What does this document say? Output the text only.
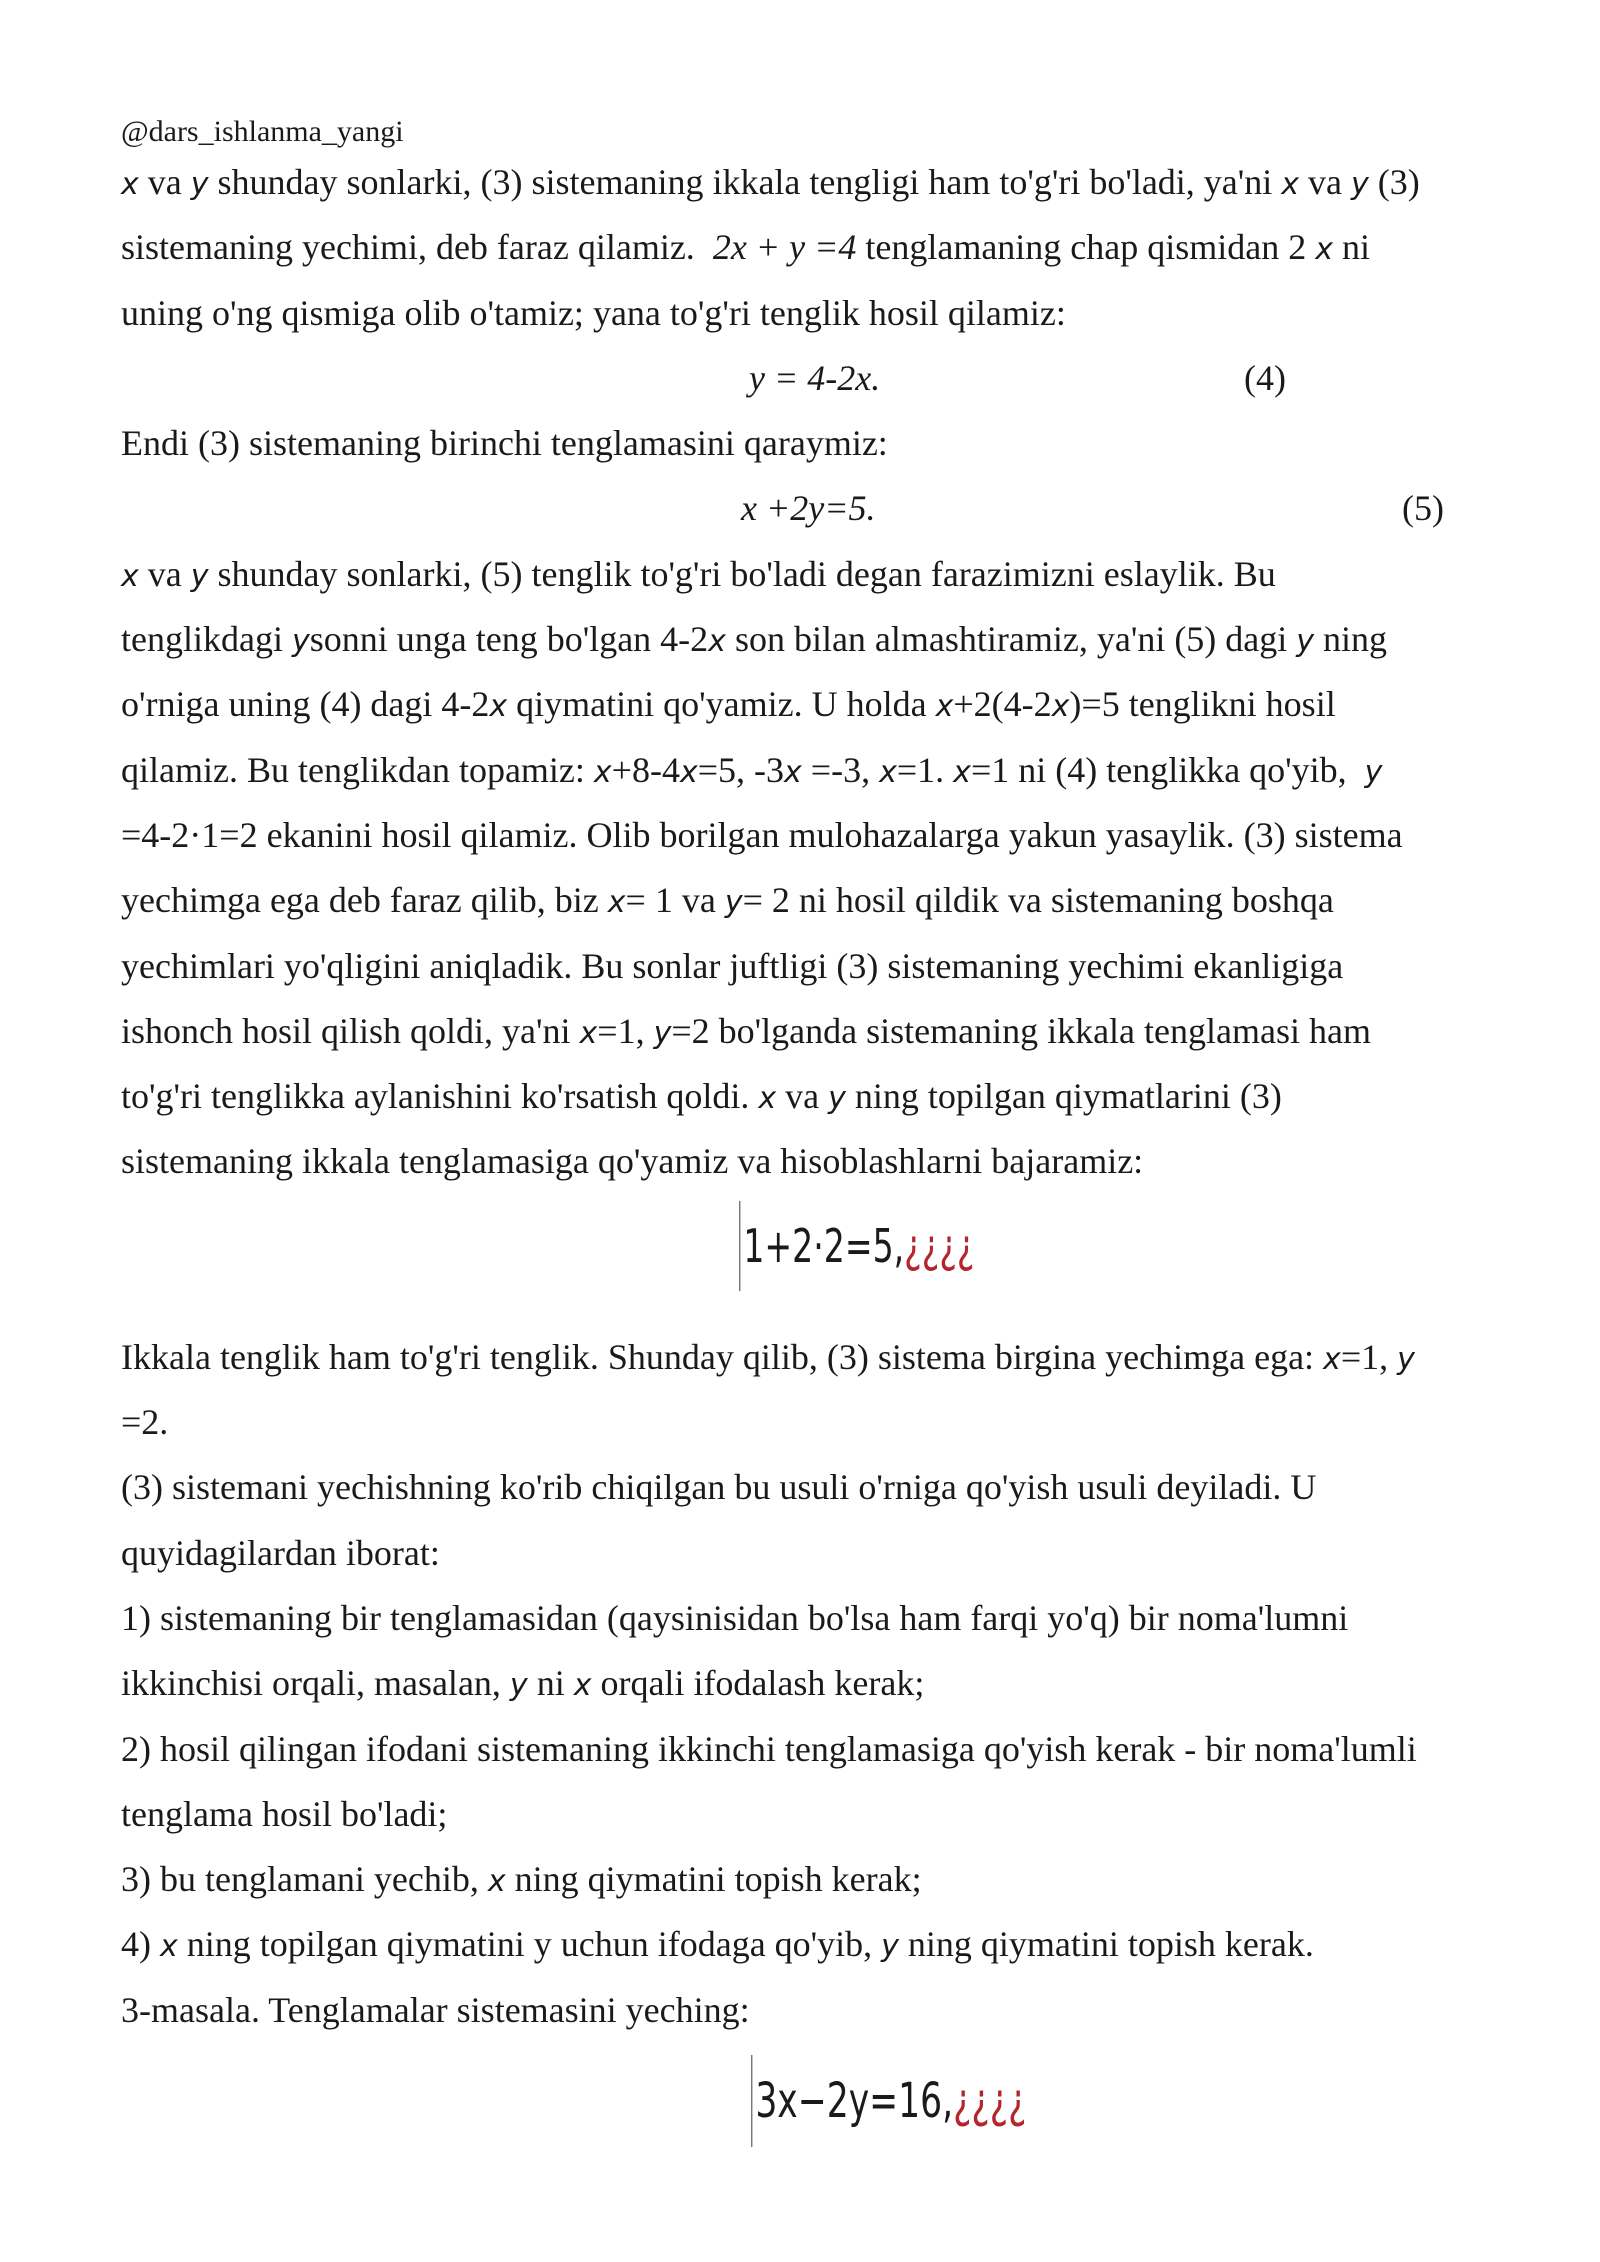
@dars_ishlanma_yangi
x va y shunday sonlarki, (3) sistemaning ikkala tengligi ham to'g'ri bo'ladi, ya'ni x va y (3)
sistemaning yechimi, deb faraz qilamiz.  2x + y =4 tenglamaning chap qismidan 2 x ni
uning o'ng qismiga olib o'tamiz; yana to'g'ri tenglik hosil qilamiz:
y = 4-2x.	(4)
Endi (3) sistemaning birinchi tenglamasini qaraymiz:
x +2y=5.	(5)
x va y shunday sonlarki, (5) tenglik to'g'ri bo'ladi degan farazimizni eslaylik. Bu
tenglikdagi ysonni unga teng bo'lgan 4-2x son bilan almashtiramiz, ya'ni (5) dagi y ning
o'rniga uning (4) dagi 4-2x qiymatini qo'yamiz. U holda x+2(4-2x)=5 tenglikni hosil
qilamiz. Bu tenglikdan topamiz: x+8-4x=5, -3x =-3, x=1. x=1 ni (4) tenglikka qo'yib,  y
=4-2·1=2 ekanini hosil qilamiz. Olib borilgan mulohazalarga yakun yasaylik. (3) sistema
yechimga ega deb faraz qilib, biz x= 1 va y= 2 ni hosil qildik va sistemaning boshqa
yechimlari yo'qligini aniqladik. Bu sonlar juftligi (3) sistemaning yechimi ekanligiga
ishonch hosil qilish qoldi, ya'ni x=1, y=2 bo'lganda sistemaning ikkala tenglamasi ham
to'g'ri tenglikka aylanishini ko'rsatish qoldi. x va y ning topilgan qiymatlarini (3)
sistemaning ikkala tenglamasiga qo'yamiz va hisoblashlarni bajaramiz:
1+2·2=5,¿¿¿¿
Ikkala tenglik ham to'g'ri tenglik. Shunday qilib, (3) sistema birgina yechimga ega: x=1, y
=2.
(3) sistemani yechishning ko'rib chiqilgan bu usuli o'rniga qo'yish usuli deyiladi. U
quyidagilardan iborat:
1) sistemaning bir tenglamasidan (qaysinisidan bo'lsa ham farqi yo'q) bir noma'lumni
ikkinchisi orqali, masalan, y ni x orqali ifodalash kerak;
2) hosil qilingan ifodani sistemaning ikkinchi tenglamasiga qo'yish kerak - bir noma'lumli
tenglama hosil bo'ladi;
3) bu tenglamani yechib, x ning qiymatini topish kerak;
4) x ning topilgan qiymatini y uchun ifodaga qo'yib, y ning qiymatini topish kerak.
3-masala. Tenglamalar sistemasini yeching:
3x−2y=16,¿¿¿¿
